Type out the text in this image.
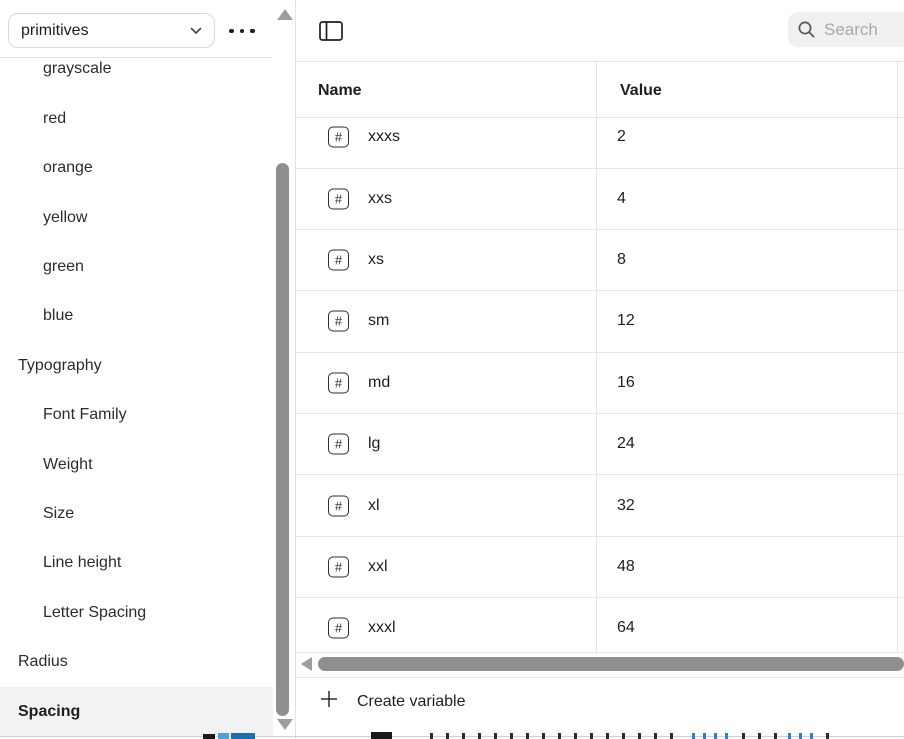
primitives
grayscale
red
orange
yellow
green
blue
Typography
Font Family
Weight
Size
Line height
Letter Spacing
Radius
Spacing
Search
Name	Value
#	xxxs	2
#	xxs	4
#	xs	8
#	sm	12
#	md	16
#	lg	24
#	xl	32
#	xxl	48
#	xxxl	64
Create variable
